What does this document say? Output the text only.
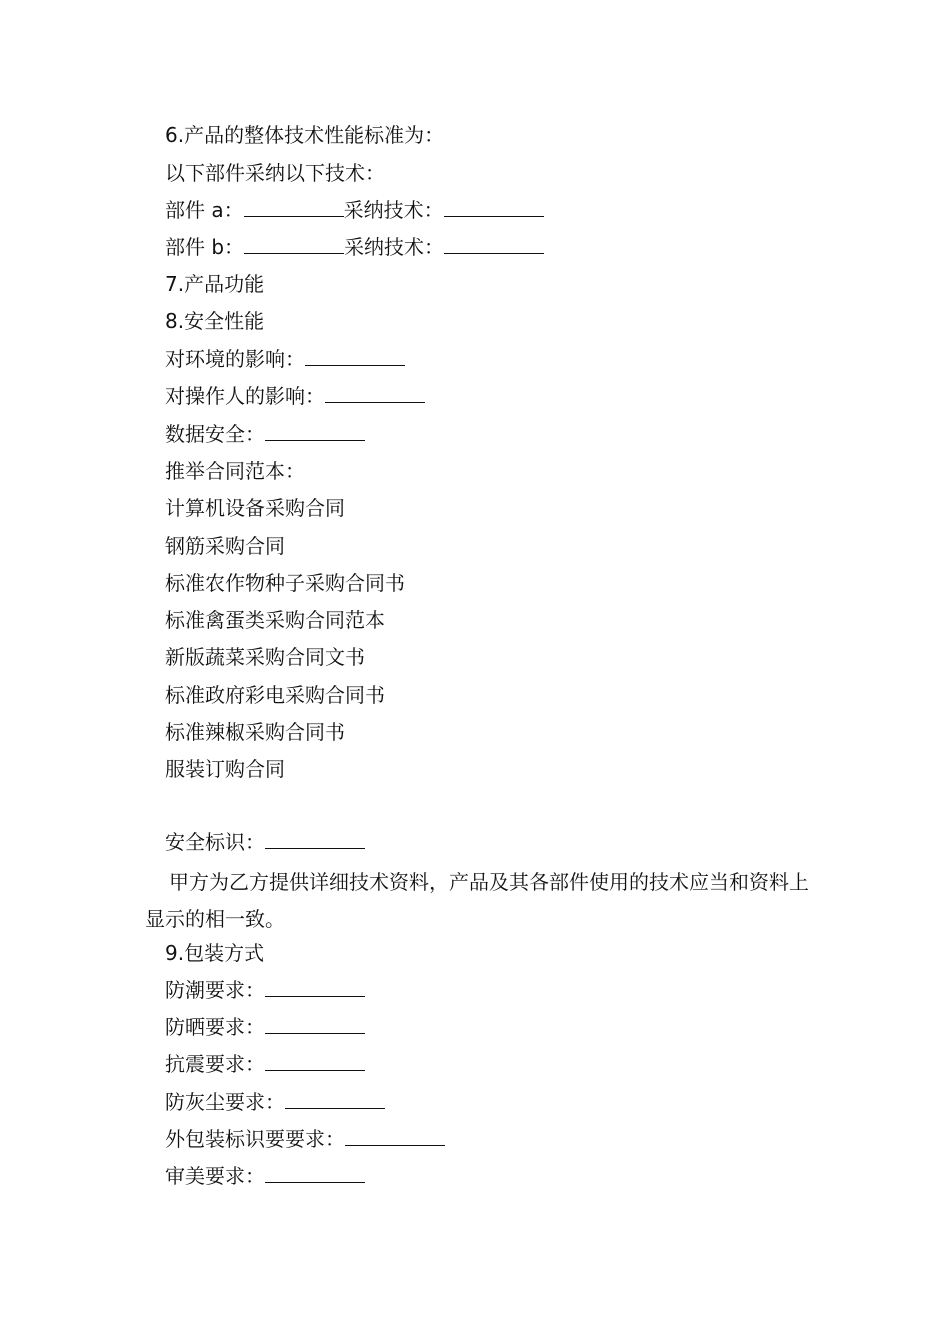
6.产品的整体技术性能标准为：
以下部件采纳以下技术：
部件 a：	采纳技术：
部件 b：	采纳技术：
7.产品功能
8.安全性能
对环境的影响：
对操作人的影响：
数据安全：
推举合同范本：
计算机设备采购合同
钢筋采购合同
标准农作物种子采购合同书
标准禽蛋类采购合同范本
新版蔬菜采购合同文书
标准政府彩电采购合同书
标准辣椒采购合同书
服装订购合同
安全标识：
甲方为乙方提供详细技术资料，产品及其各部件使用的技术应当和资料上显示的相一致。
9.包装方式
防潮要求：
防晒要求：
抗震要求：
防灰尘要求：
外包装标识要要求：
审美要求：
